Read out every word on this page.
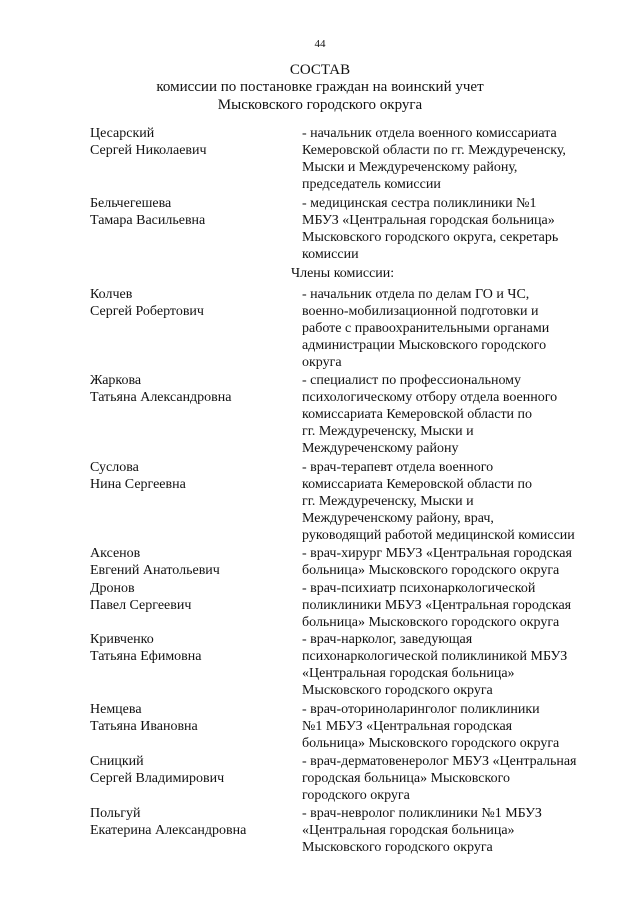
44
СОСТАВ
комиссии по постановке граждан на воинский учет
Мысковского городского округа
Члены комиссии:
Цесарский
Сергей Николаевич
- начальник отдела военного комиссариата
Кемеровской области по гг. Междуреченску,
Мыски и Междуреченскому району,
председатель комиссии
Бельчегешева
Тамара Васильевна
- медицинская сестра поликлиники №1
МБУЗ «Центральная городская больница»
Мысковского городского округа, секретарь
комиссии
Колчев
Сергей Робертович
- начальник отдела по делам ГО и ЧС,
военно-мобилизационной подготовки и
работе с правоохранительными органами
администрации Мысковского городского
округа
Жаркова
Татьяна Александровна
- специалист по профессиональному
психологическому отбору отдела военного
комиссариата Кемеровской области по
гг. Междуреченску, Мыски и
Междуреченскому району
Суслова
Нина Сергеевна
- врач-терапевт отдела военного
комиссариата Кемеровской области по
гг. Междуреченску, Мыски и
Междуреченскому району, врач,
руководящий работой медицинской комиссии
Аксенов
Евгений Анатольевич
- врач-хирург МБУЗ «Центральная городская
больница» Мысковского городского округа
Дронов
Павел Сергеевич
- врач-психиатр психонаркологической
поликлиники МБУЗ «Центральная городская
больница» Мысковского городского округа
Кривченко
Татьяна Ефимовна
- врач-нарколог, заведующая
психонаркологической поликлиникой МБУЗ
«Центральная городская больница»
Мысковского городского округа
Немцева
Татьяна Ивановна
- врач-оториноларинголог поликлиники
№1 МБУЗ «Центральная городская
больница» Мысковского городского округа
Сницкий
Сергей Владимирович
- врач-дерматовенеролог МБУЗ «Центральная
городская больница» Мысковского
городского округа
Польгуй
Екатерина Александровна
- врач-невролог поликлиники №1 МБУЗ
«Центральная городская больница»
Мысковского городского округа
